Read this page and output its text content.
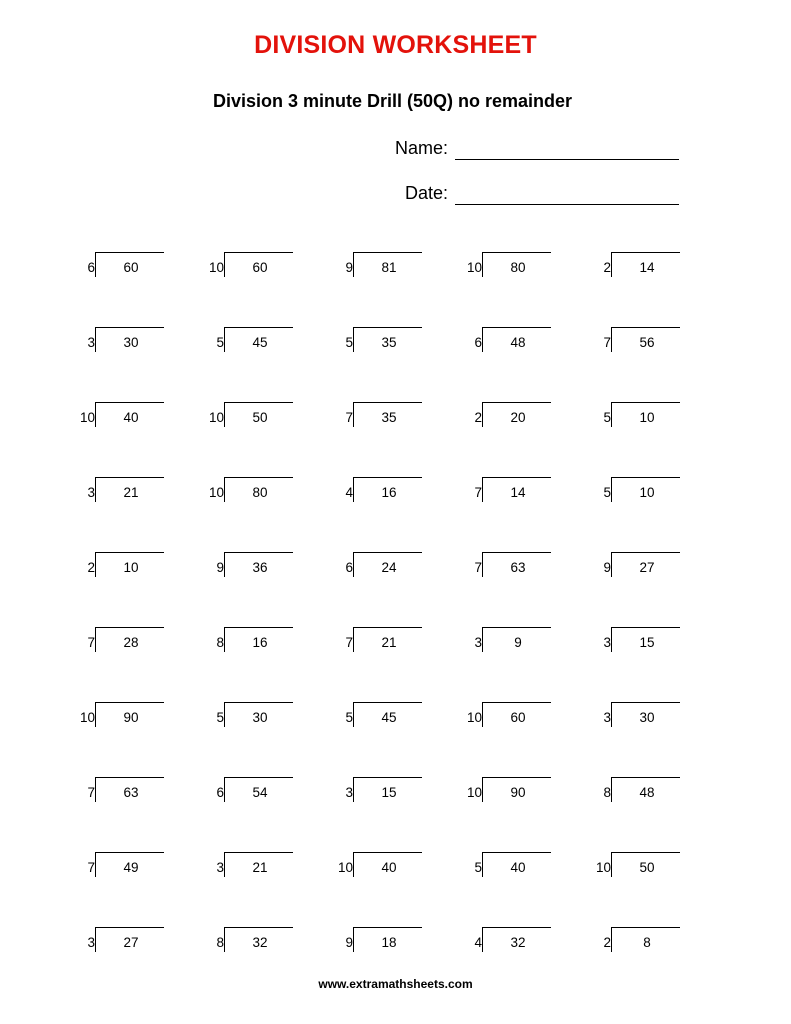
DIVISION WORKSHEET
Division 3 minute Drill (50Q) no remainder
Name:
Date:
6	60	10	60	9	81	10	80	2	14
3	30	5	45	5	35	6	48	7	56
10	40	10	50	7	35	2	20	5	10
3	21	10	80	4	16	7	14	5	10
2	10	9	36	6	24	7	63	9	27
7	28	8	16	7	21	3	9	3	15
10	90	5	30	5	45	10	60	3	30
7	63	6	54	3	15	10	90	8	48
7	49	3	21	10	40	5	40	10	50
3	27	8	32	9	18	4	32	2	8
www.extramathsheets.com
